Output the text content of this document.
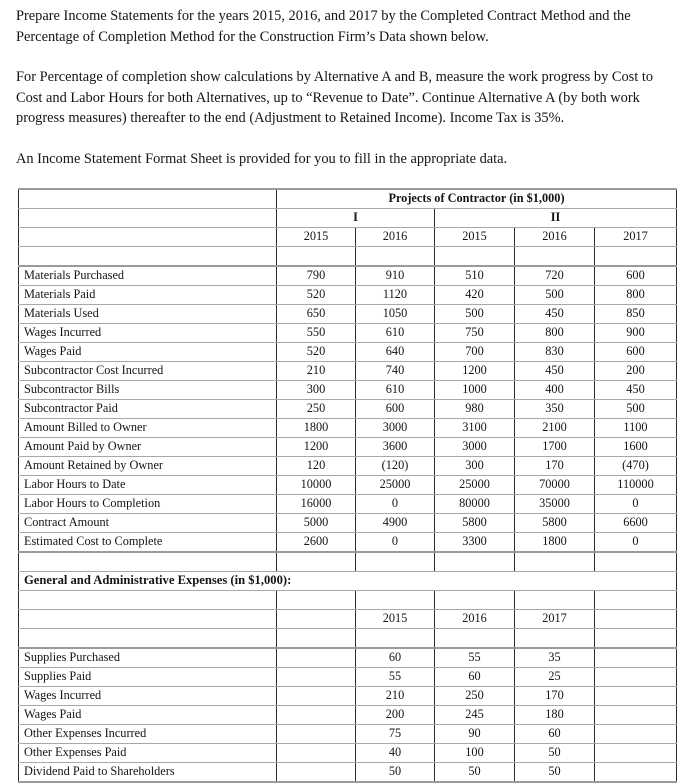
Prepare Income Statements for the years 2015, 2016, and 2017 by the Completed Contract Method and the Percentage of Completion Method for the Construction Firm’s Data shown below.

For Percentage of completion show calculations by Alternative A and B, measure the work progress by Cost to Cost and Labor Hours for both Alternatives, up to “Revenue to Date”. Continue Alternative A (by both work progress measures) thereafter to the end (Adjustment to Retained Income). Income Tax is 35%.

An Income Statement Format Sheet is provided for you to fill in the appropriate data.

	Projects of Contractor (in $1,000)
	I	II
	2015	2016	2015	2016	2017

Materials Purchased	790	910	510	720	600
Materials Paid	520	1120	420	500	800
Materials Used	650	1050	500	450	850
Wages Incurred	550	610	750	800	900
Wages Paid	520	640	700	830	600
Subcontractor Cost Incurred	210	740	1200	450	200
Subcontractor Bills	300	610	1000	400	450
Subcontractor Paid	250	600	980	350	500
Amount Billed to Owner	1800	3000	3100	2100	1100
Amount Paid by Owner	1200	3600	3000	1700	1600
Amount Retained by Owner	120	(120)	300	170	(470)
Labor Hours to Date	10000	25000	25000	70000	110000
Labor Hours to Completion	16000	0	80000	35000	0
Contract Amount	5000	4900	5800	5800	6600
Estimated Cost to Complete	2600	0	3300	1800	0

General and Administrative Expenses (in $1,000):

		2015	2016	2017	

Supplies Purchased		60	55	35	
Supplies Paid		55	60	25	
Wages Incurred		210	250	170	
Wages Paid		200	245	180	
Other Expenses Incurred		75	90	60	
Other Expenses Paid		40	100	50	
Dividend Paid to Shareholders		50	50	50	
